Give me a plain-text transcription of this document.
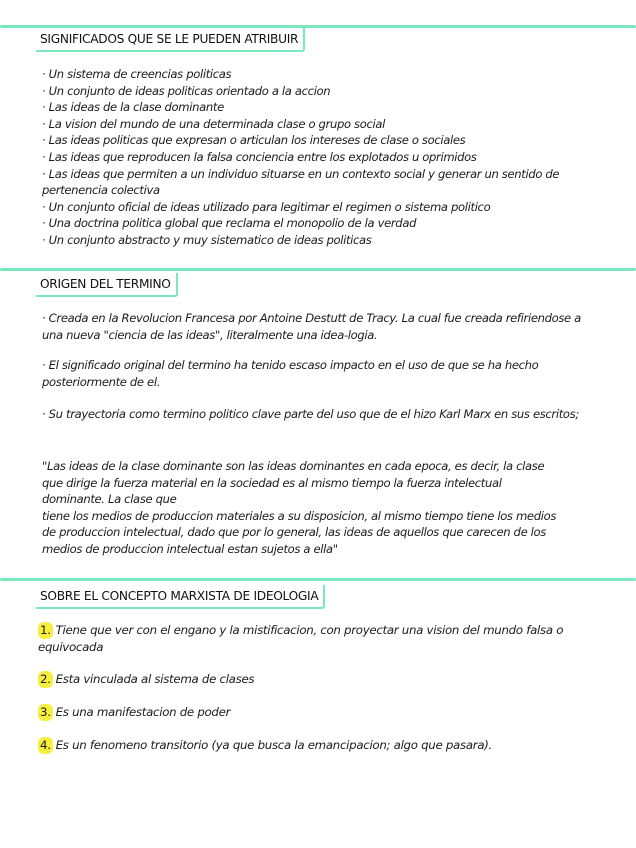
SIGNIFICADOS QUE SE LE PUEDEN ATRIBUIR
· Un sistema de creencias politicas
· Un conjunto de ideas politicas orientado a la accion
· Las ideas de la clase dominante
· La vision del mundo de una determinada clase o grupo social
· Las ideas politicas que expresan o articulan los intereses de clase o sociales
· Las ideas que reproducen la falsa conciencia entre los explotados u oprimidos
· Las ideas que permiten a un individuo situarse en un contexto social y generar un sentido de pertenencia colectiva
· Un conjunto oficial de ideas utilizado para legitimar el regimen o sistema politico
· Una doctrina politica global que reclama el monopolio de la verdad
· Un conjunto abstracto y muy sistematico de ideas politicas
ORIGEN DEL TERMINO

· Creada en la Revolucion Francesa por Antoine Destutt de Tracy. La cual fue creada refiriendose a una nueva "ciencia de las ideas", literalmente una idea-logia.

· El significado original del termino ha tenido escaso impacto en el uso de que se ha hecho posteriormente de el.

· Su trayectoria como termino politico clave parte del uso que de el hizo Karl Marx en sus escritos;

"Las ideas de la clase dominante son las ideas dominantes en cada epoca, es decir, la clase que dirige la fuerza material en la sociedad es al mismo tiempo la fuerza intelectual dominante. La clase que
tiene los medios de produccion materiales a su disposicion, al mismo tiempo tiene los medios de produccion intelectual, dado que por lo general, las ideas de aquellos que carecen de los medios de produccion intelectual estan sujetos a ella"

SOBRE EL CONCEPTO MARXISTA DE IDEOLOGIA

1. Tiene que ver con el engano y la mistificacion, con proyectar una vision del mundo falsa o equivocada

2. Esta vinculada al sistema de clases

3. Es una manifestacion de poder

4. Es un fenomeno transitorio (ya que busca la emancipacion; algo que pasara).
